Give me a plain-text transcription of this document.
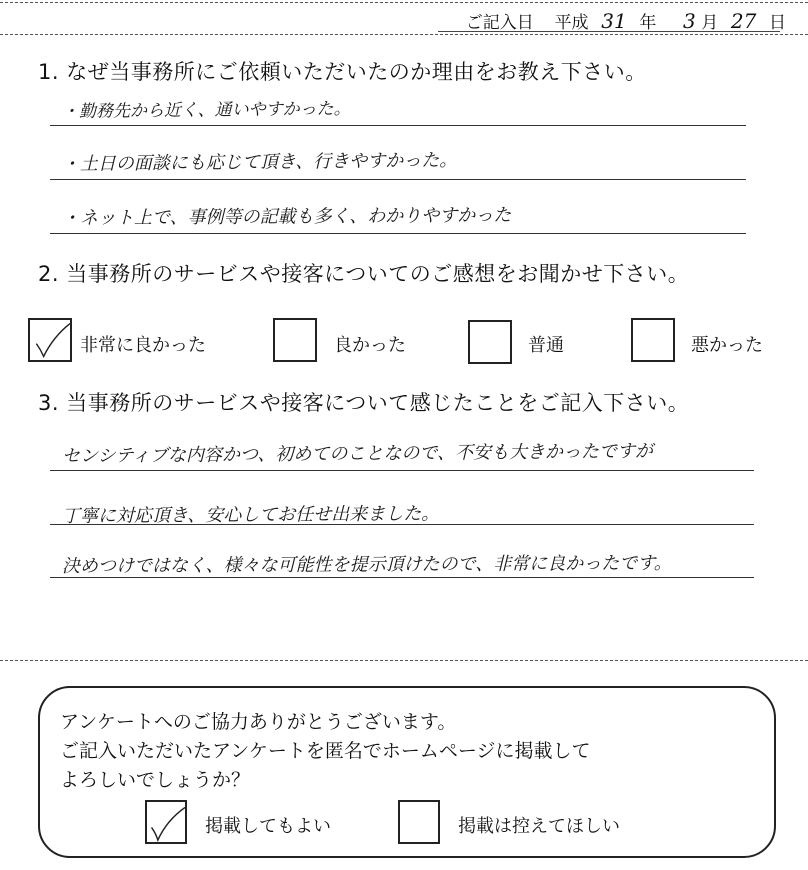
ご記入日 平成 31 年 3 月 27 日
1. なぜ当事務所にご依頼いただいたのか理由をお教え下さい。
・勤務先から近く、通いやすかった。
・土日の面談にも応じて頂き、行きやすかった。
・ネット上で、事例等の記載も多く、わかりやすかった
2. 当事務所のサービスや接客についてのご感想をお聞かせ下さい。
非常に良かった	良かった	普通	悪かった
3. 当事務所のサービスや接客について感じたことをご記入下さい。
センシティブな内容かつ、初めてのことなので、不安も大きかったですが
丁寧に対応頂き、安心してお任せ出来ました。
決めつけではなく、様々な可能性を提示頂けたので、非常に良かったです。
アンケートへのご協力ありがとうございます。
ご記入いただいたアンケートを匿名でホームページに掲載して
よろしいでしょうか？
掲載してもよい	掲載は控えてほしい
